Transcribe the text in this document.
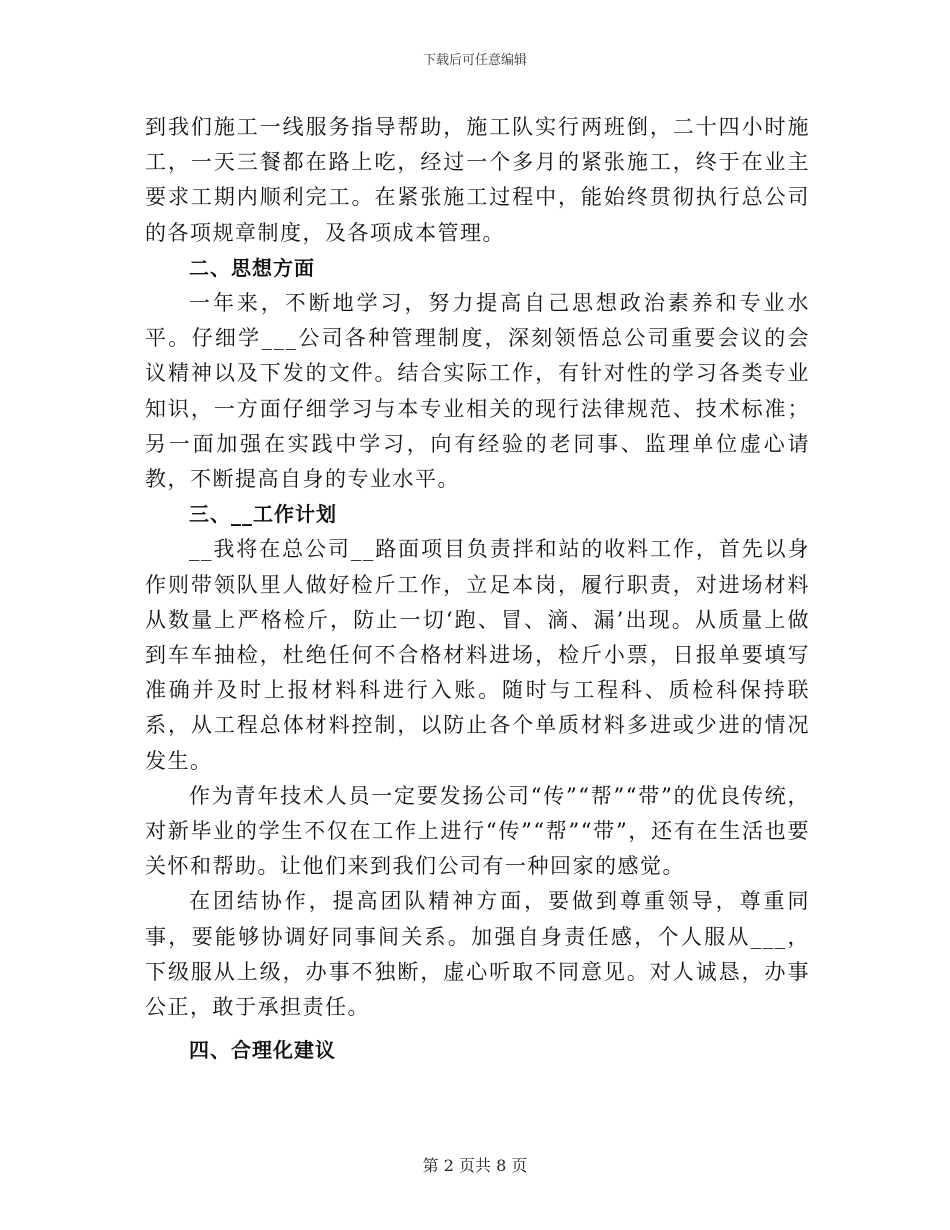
下载后可任意编辑

到我们施工一线服务指导帮助，施工队实行两班倒，二十四小时施工，一天三餐都在路上吃，经过一个多月的紧张施工，终于在业主要求工期内顺利完工。在紧张施工过程中，能始终贯彻执行总公司的各项规章制度，及各项成本管理。

二、思想方面

一年来，不断地学习，努力提高自己思想政治素养和专业水平。仔细学___公司各种管理制度，深刻领悟总公司重要会议的会议精神以及下发的文件。结合实际工作，有针对性的学习各类专业知识，一方面仔细学习与本专业相关的现行法律规范、技术标准；另一面加强在实践中学习，向有经验的老同事、监理单位虚心请教，不断提高自身的专业水平。

三、__工作计划

__我将在总公司__路面项目负责拌和站的收料工作，首先以身作则带领队里人做好检斤工作，立足本岗，履行职责，对进场材料从数量上严格检斤，防止一切‘跑、冒、滴、漏’出现。从质量上做到车车抽检，杜绝任何不合格材料进场，检斤小票，日报单要填写准确并及时上报材料科进行入账。随时与工程科、质检科保持联系，从工程总体材料控制，以防止各个单质材料多进或少进的情况发生。

作为青年技术人员一定要发扬公司“传”“帮”“带”的优良传统，对新毕业的学生不仅在工作上进行“传”“帮”“带”，还有在生活也要关怀和帮助。让他们来到我们公司有一种回家的感觉。

在团结协作，提高团队精神方面，要做到尊重领导，尊重同事，要能够协调好同事间关系。加强自身责任感，个人服从___，下级服从上级，办事不独断，虚心听取不同意见。对人诚恳，办事公正，敢于承担责任。

四、合理化建议

第 2 页共 8 页
